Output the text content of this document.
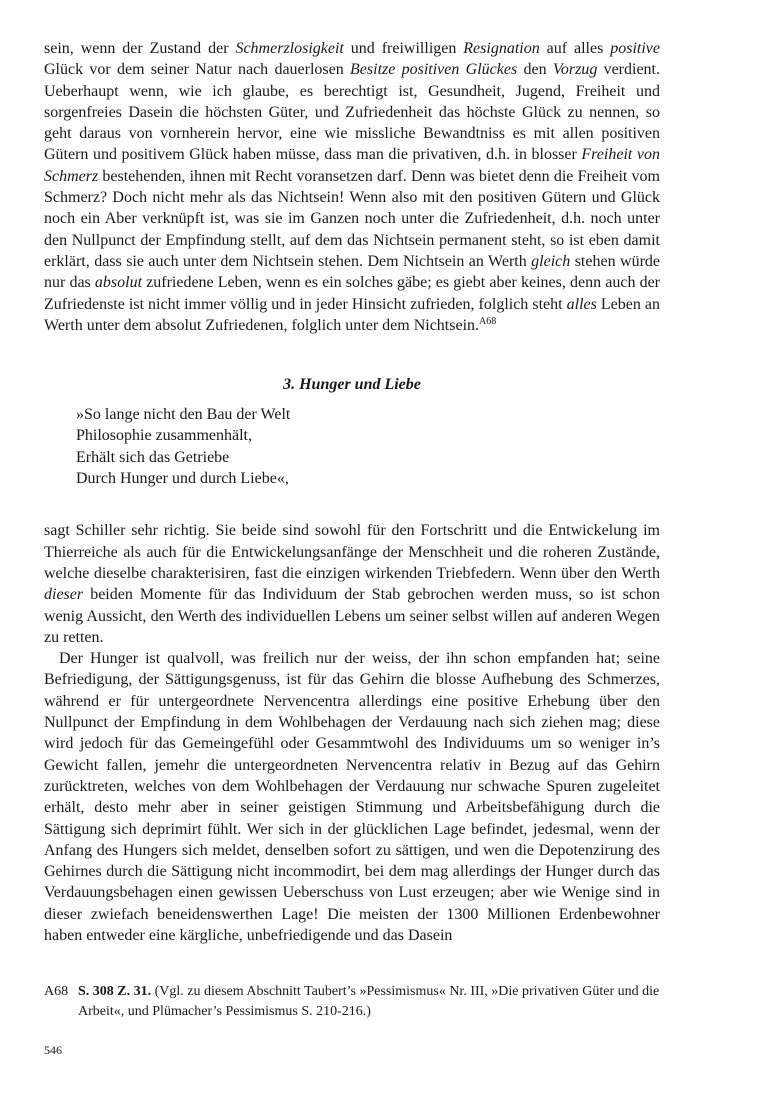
sein, wenn der Zustand der Schmerzlosigkeit und freiwilligen Resignation auf alles positive Glück vor dem seiner Natur nach dauerlosen Besitze positiven Glückes den Vorzug verdient. Ueberhaupt wenn, wie ich glaube, es berechtigt ist, Gesundheit, Jugend, Freiheit und sorgenfreies Dasein die höchsten Güter, und Zufriedenheit das höchste Glück zu nennen, so geht daraus von vornherein hervor, eine wie missliche Bewandtniss es mit allen positiven Gütern und positivem Glück haben müsse, dass man die privativen, d.h. in blosser Freiheit von Schmerz bestehenden, ihnen mit Recht voransetzen darf. Denn was bietet denn die Freiheit vom Schmerz? Doch nicht mehr als das Nichtsein! Wenn also mit den positiven Gütern und Glück noch ein Aber verknüpft ist, was sie im Ganzen noch unter die Zufriedenheit, d.h. noch unter den Nullpunct der Empfindung stellt, auf dem das Nichtsein permanent steht, so ist eben damit erklärt, dass sie auch unter dem Nichtsein stehen. Dem Nichtsein an Werth gleich stehen würde nur das absolut zufriedene Leben, wenn es ein solches gäbe; es giebt aber keines, denn auch der Zufriedenste ist nicht immer völlig und in jeder Hinsicht zufrieden, folglich steht alles Leben an Werth unter dem absolut Zufriedenen, folglich unter dem Nichtsein.$^{A68}$

3. Hunger und Liebe
»So lange nicht den Bau der Welt
Philosophie zusammenhält,
Erhält sich das Getriebe
Durch Hunger und durch Liebe«,

sagt Schiller sehr richtig. Sie beide sind sowohl für den Fortschritt und die Entwickelung im Thierreiche als auch für die Entwickelungsanfänge der Menschheit und die roheren Zustände, welche dieselbe charakterisiren, fast die einzigen wirkenden Triebfedern. Wenn über den Werth dieser beiden Momente für das Individuum der Stab gebrochen werden muss, so ist schon wenig Aussicht, den Werth des individuellen Lebens um seiner selbst willen auf anderen Wegen zu retten.

Der Hunger ist qualvoll, was freilich nur der weiss, der ihn schon empfanden hat; seine Befriedigung, der Sättigungsgenuss, ist für das Gehirn die blosse Aufhebung des Schmerzes, während er für untergeordnete Nervencentra allerdings eine positive Erhebung über den Nullpunct der Empfindung in dem Wohlbehagen der Verdauung nach sich ziehen mag; diese wird jedoch für das Gemeingefühl oder Gesammtwohl des Individuums um so weniger in’s Gewicht fallen, jemehr die untergeordneten Nervencentra relativ in Bezug auf das Gehirn zurücktreten, welches von dem Wohlbehagen der Verdauung nur schwache Spuren zugeleitet erhält, desto mehr aber in seiner geistigen Stimmung und Arbeitsbefähigung durch die Sättigung sich deprimirt fühlt. Wer sich in der glücklichen Lage befindet, jedesmal, wenn der Anfang des Hungers sich meldet, denselben sofort zu sättigen, und wen die Depotenzirung des Gehirnes durch die Sättigung nicht incommodirt, bei dem mag allerdings der Hunger durch das Verdauungsbehagen einen gewissen Ueberschuss von Lust erzeugen; aber wie Wenige sind in dieser zwiefach beneidenswerthen Lage! Die meisten der 1300 Millionen Erdenbewohner haben entweder eine kärgliche, unbefriedigende und das Dasein

A68 S. 308 Z. 31. (Vgl. zu diesem Abschnitt Taubert’s »Pessimismus« Nr. III, »Die privativen Güter und die Arbeit«, und Plümacher’s Pessimismus S. 210-216.)
546
